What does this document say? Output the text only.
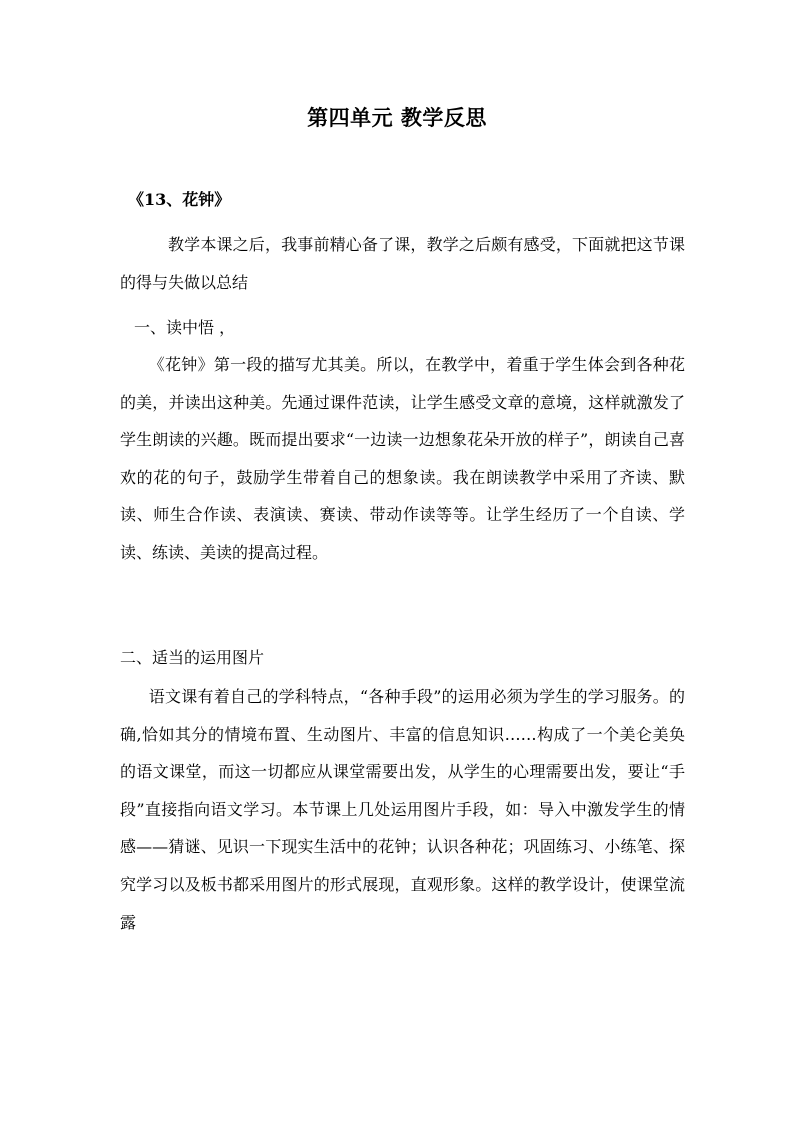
第四单元 教学反思
《13、花钟》
教学本课之后，我事前精心备了课，教学之后颇有感受，下面就把这节课的得与失做以总结
一、读中悟 ，
《花钟》第一段的描写尤其美。所以，在教学中，着重于学生体会到各种花的美，并读出这种美。先通过课件范读，让学生感受文章的意境，这样就激发了学生朗读的兴趣。既而提出要求“一边读一边想象花朵开放的样子”，朗读自己喜欢的花的句子，鼓励学生带着自己的想象读。我在朗读教学中采用了齐读、默读、师生合作读、表演读、赛读、带动作读等等。让学生经历了一个自读、学读、练读、美读的提高过程。
二、适当的运用图片
语文课有着自己的学科特点，“各种手段”的运用必须为学生的学习服务。的确,恰如其分的情境布置、生动图片、丰富的信息知识……构成了一个美仑美奂的语文课堂，而这一切都应从课堂需要出发，从学生的心理需要出发，要让“手段”直接指向语文学习。本节课上几处运用图片手段，如：导入中激发学生的情感——猜谜、见识一下现实生活中的花钟；认识各种花；巩固练习、小练笔、探究学习以及板书都采用图片的形式展现，直观形象。这样的教学设计，使课堂流露
